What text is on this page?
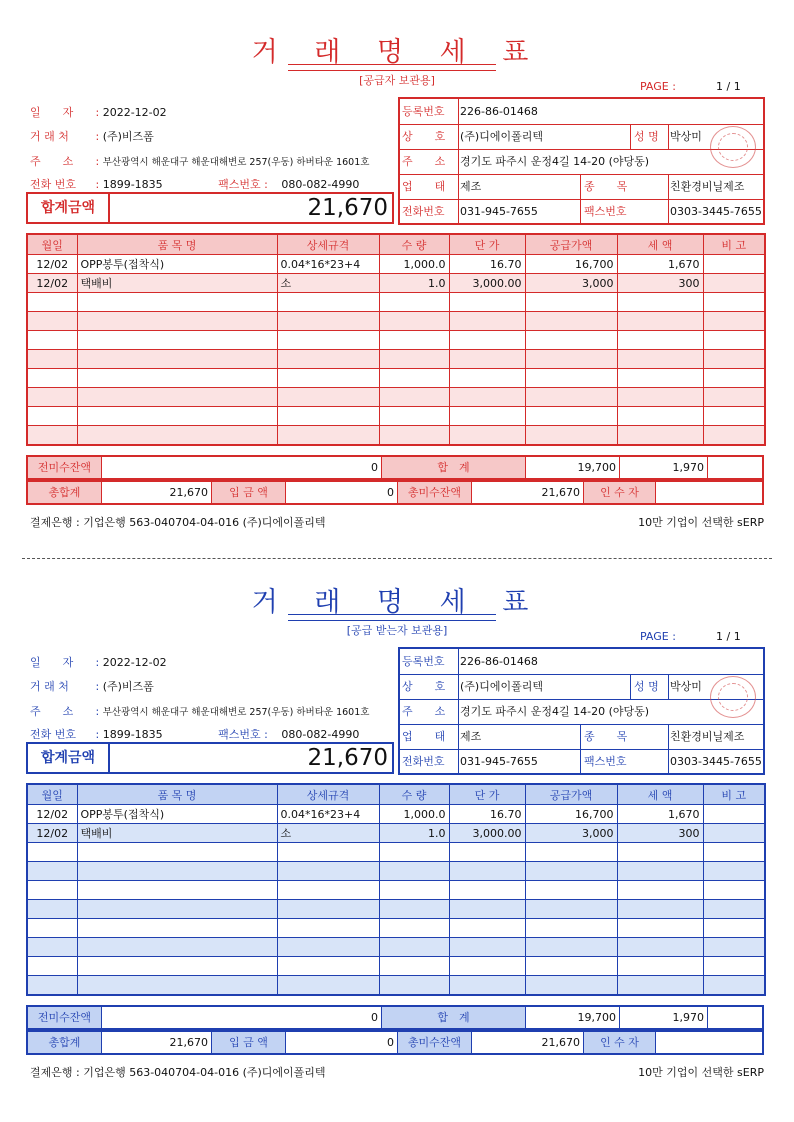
거 래 명 세 표
[공급자 보관용]	PAGE :	1 / 1
일　　자 : 2022-12-02
거 래 처 : (주)비즈폼
주　　소 : 부산광역시 해운대구 해운대해변로 257(우동) 하버타운 1601호
전화 번호 : 1899-1835	팩스번호 : 080-082-4990
합계금액	21,670
등록번호	226-86-01468
상　　호	(주)디에이폴리텍	성 명	박상미
주　　소	경기도 파주시 운정4길 14-20 (야당동)
업　　태	제조	종　　목	친환경비닐제조
전화번호	031-945-7655	팩스번호	0303-3445-7655
월일	품 목 명	상세규격	수 량	단 가	공급가액	세 액	비 고
12/02	OPP봉투(접착식)	0.04*16*23+4	1,000.0	16.70	16,700	1,670	
12/02	택배비	소	1.0	3,000.00	3,000	300	

전미수잔액	0	합　계	19,700	1,970
총합계	21,670	입 금 액	0	총미수잔액	21,670	인 수 자
결제은행 : 기업은행 563-040704-04-016 (주)디에이폴리텍	10만 기업이 선택한 sERP
거 래 명 세 표
[공급 받는자 보관용]	PAGE :	1 / 1
일　　자 : 2022-12-02
거 래 처 : (주)비즈폼
주　　소 : 부산광역시 해운대구 해운대해변로 257(우동) 하버타운 1601호
전화 번호 : 1899-1835	팩스번호 : 080-082-4990
합계금액	21,670
등록번호	226-86-01468
상　　호	(주)디에이폴리텍	성 명	박상미
주　　소	경기도 파주시 운정4길 14-20 (야당동)
업　　태	제조	종　　목	친환경비닐제조
전화번호	031-945-7655	팩스번호	0303-3445-7655
월일	품 목 명	상세규격	수 량	단 가	공급가액	세 액	비 고
12/02	OPP봉투(접착식)	0.04*16*23+4	1,000.0	16.70	16,700	1,670	
12/02	택배비	소	1.0	3,000.00	3,000	300	

전미수잔액	0	합　계	19,700	1,970
총합계	21,670	입 금 액	0	총미수잔액	21,670	인 수 자
결제은행 : 기업은행 563-040704-04-016 (주)디에이폴리텍	10만 기업이 선택한 sERP
